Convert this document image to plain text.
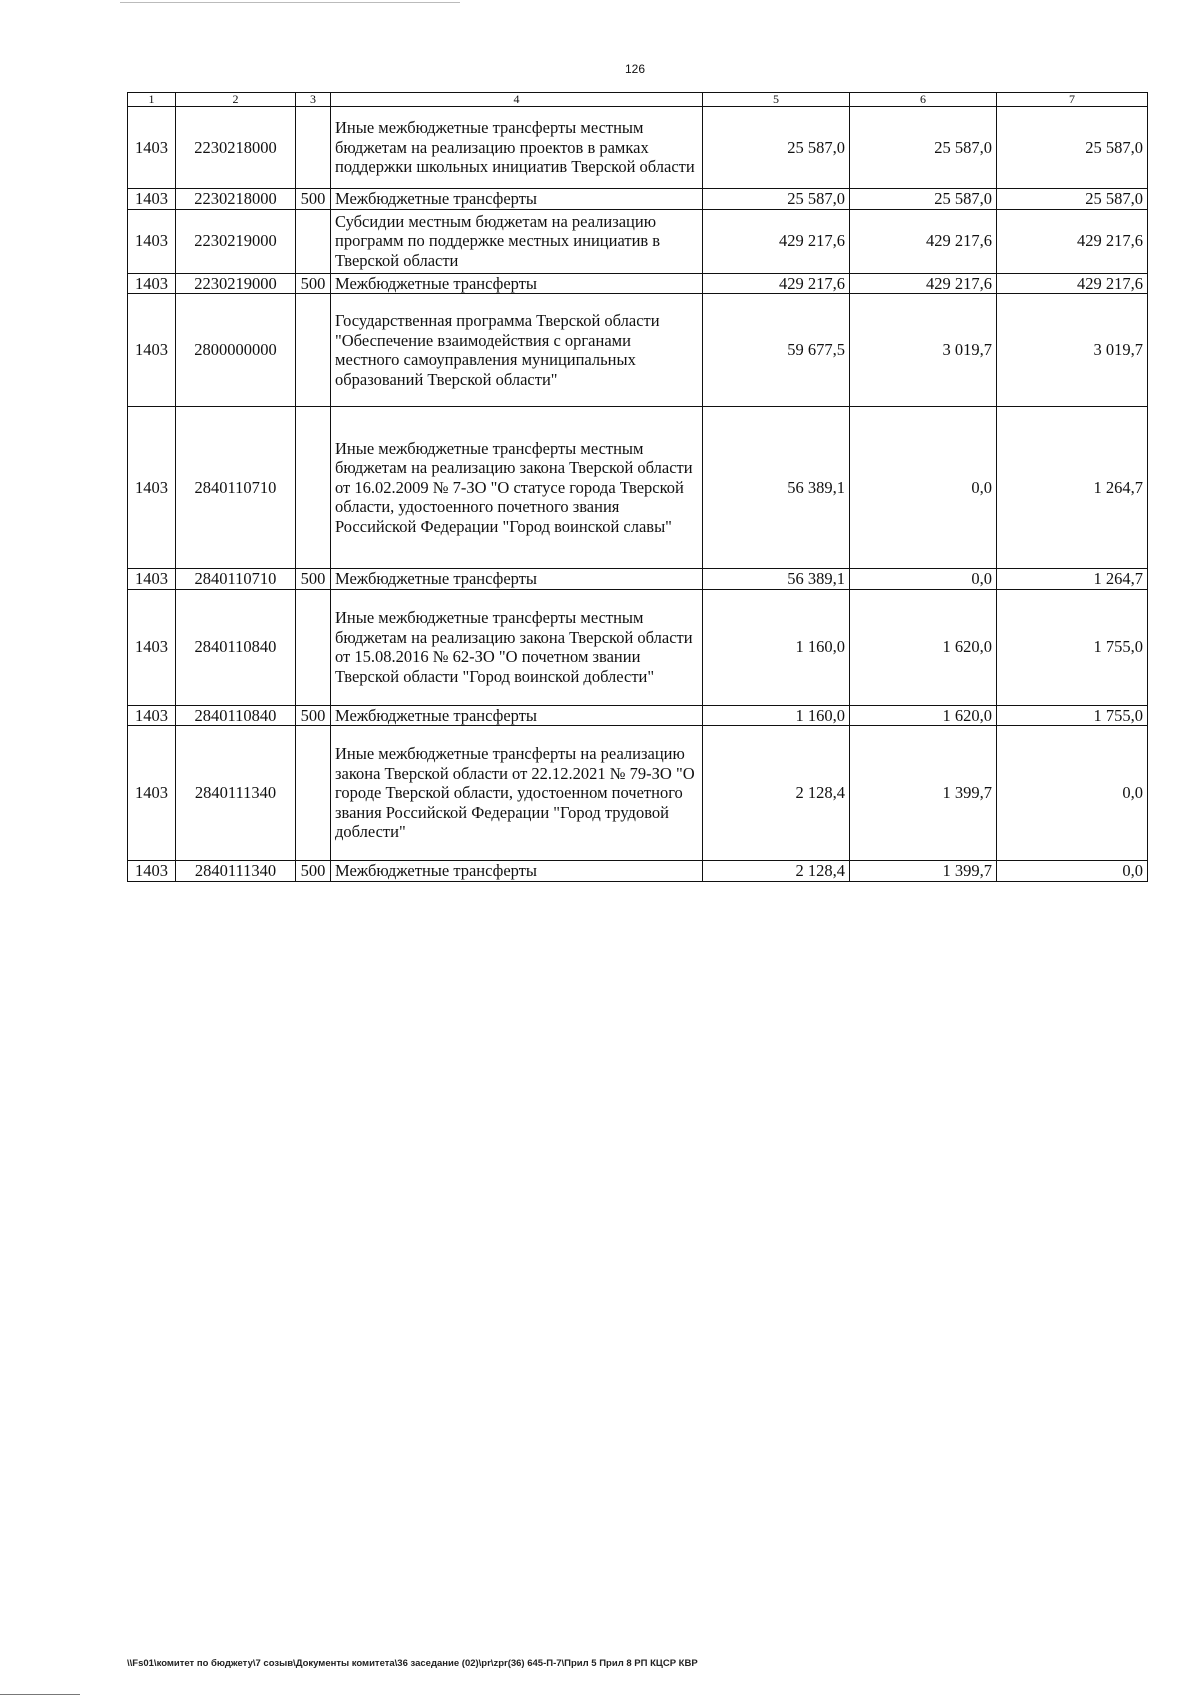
126
1	2	3	4	5	6	7
1403	2230218000		Иные межбюджетные трансферты местным бюджетам на реализацию проектов в рамках поддержки школьных инициатив Тверской области	25 587,0	25 587,0	25 587,0
1403	2230218000	500	Межбюджетные трансферты	25 587,0	25 587,0	25 587,0
1403	2230219000		Субсидии местным бюджетам на реализацию программ по поддержке местных инициатив в Тверской области	429 217,6	429 217,6	429 217,6
1403	2230219000	500	Межбюджетные трансферты	429 217,6	429 217,6	429 217,6
1403	2800000000		Государственная программа Тверской области "Обеспечение взаимодействия с органами местного самоуправления муниципальных образований Тверской области"	59 677,5	3 019,7	3 019,7
1403	2840110710		Иные межбюджетные трансферты местным бюджетам на реализацию закона Тверской области от 16.02.2009 № 7-ЗО "О статусе города Тверской области, удостоенного почетного звания Российской Федерации "Город воинской славы"	56 389,1	0,0	1 264,7
1403	2840110710	500	Межбюджетные трансферты	56 389,1	0,0	1 264,7
1403	2840110840		Иные межбюджетные трансферты местным бюджетам на реализацию закона Тверской области от 15.08.2016 № 62-ЗО "О почетном звании Тверской области "Город воинской доблести"	1 160,0	1 620,0	1 755,0
1403	2840110840	500	Межбюджетные трансферты	1 160,0	1 620,0	1 755,0
1403	2840111340		Иные межбюджетные трансферты на реализацию закона Тверской области от 22.12.2021 № 79-ЗО "О городе Тверской области, удостоенном почетного звания Российской Федерации "Город трудовой доблести"	2 128,4	1 399,7	0,0
1403	2840111340	500	Межбюджетные трансферты	2 128,4	1 399,7	0,0
\\Fs01\комитет по бюджету\7 созыв\Документы комитета\36 заседание (02)\pr\zpr(36) 645-П-7\Прил 5 Прил 8 РП КЦСР КВР
